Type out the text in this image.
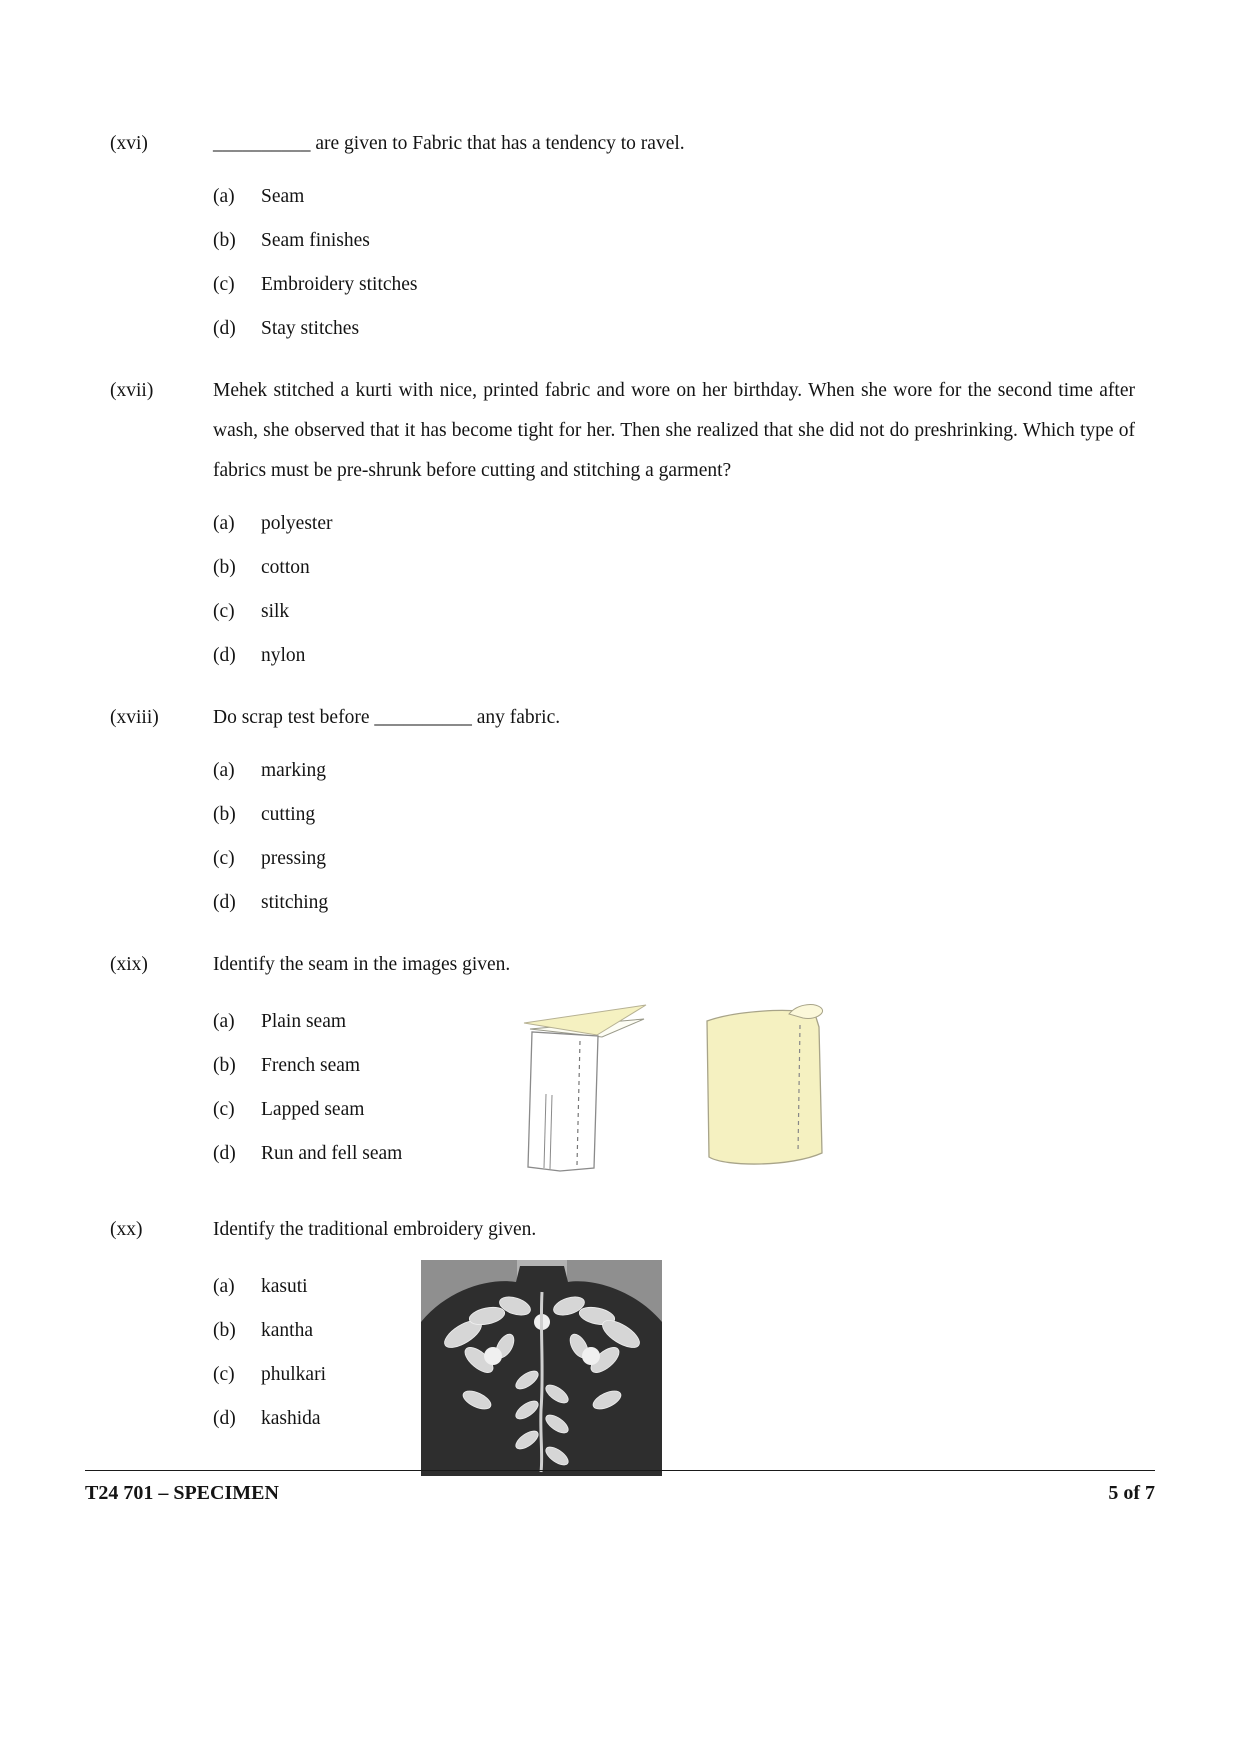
(xvi)	__________ are given to Fabric that has a tendency to ravel.
(a)	Seam
(b)	Seam finishes
(c)	Embroidery stitches
(d)	Stay stitches
(xvii)	Mehek stitched a kurti with nice, printed fabric and wore on her birthday. When she wore for the second time after wash, she observed that it has become tight for her. Then she realized that she did not do preshrinking. Which type of fabrics must be pre-shrunk before cutting and stitching a garment?
(a)	polyester
(b)	cotton
(c)	silk
(d)	nylon
(xviii)	Do scrap test before __________ any fabric.
(a)	marking
(b)	cutting
(c)	pressing
(d)	stitching
(xix)	Identify the seam in the images given.
(a)	Plain seam
(b)	French seam
(c)	Lapped seam
(d)	Run and fell seam
(xx)	Identify the traditional embroidery given.
(a)	kasuti
(b)	kantha
(c)	phulkari
(d)	kashida
T24 701 – SPECIMEN	5 of 7
